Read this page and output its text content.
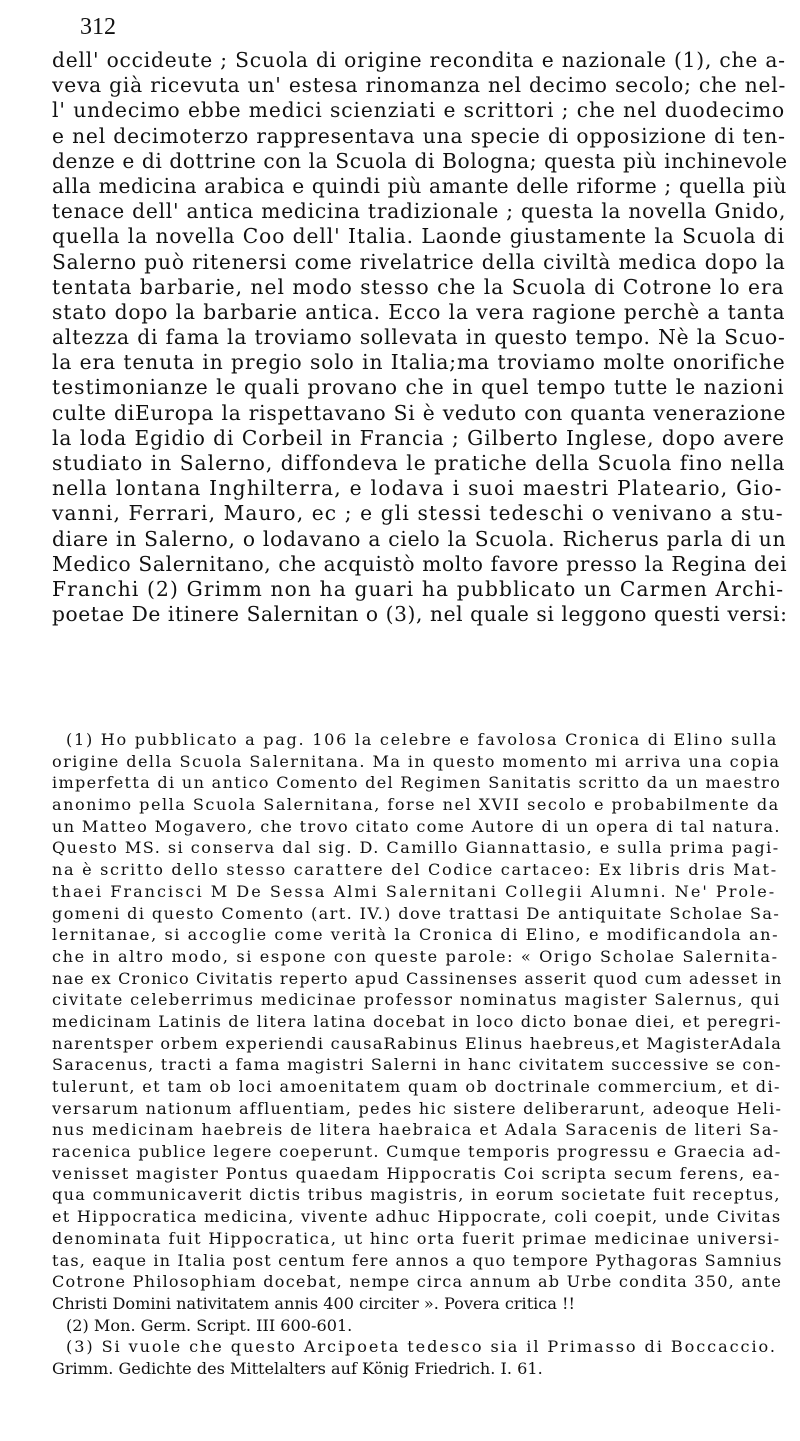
312
dell' occideute ; Scuola di origine recondita e nazionale (1), che a-
veva già ricevuta un' estesa rinomanza nel decimo secolo; che nel-
l' undecimo ebbe medici scienziati e scrittori ; che nel duodecimo
e nel decimoterzo rappresentava una specie di opposizione di ten-
denze e di dottrine con la Scuola di Bologna; questa più inchinevole
alla medicina arabica e quindi più amante delle riforme ; quella più
tenace dell' antica medicina tradizionale ; questa la novella Gnido,
quella la novella Coo dell' Italia. Laonde giustamente la Scuola di
Salerno può ritenersi come rivelatrice della civiltà medica dopo la
tentata barbarie, nel modo stesso che la Scuola di Cotrone lo era
stato dopo la barbarie antica. Ecco la vera ragione perchè a tanta
altezza di fama la troviamo sollevata in questo tempo. Nè la Scuo-
la era tenuta in pregio solo in Italia;ma troviamo molte onorifiche
testimonianze le quali provano che in quel tempo tutte le nazioni
culte diEuropa la rispettavano Si è veduto con quanta venerazione
la loda Egidio di Corbeil in Francia ; Gilberto Inglese, dopo avere
studiato in Salerno, diffondeva le pratiche della Scuola fino nella
nella lontana Inghilterra, e lodava i suoi maestri Plateario, Gio-
vanni, Ferrari, Mauro, ec ; e gli stessi tedeschi o venivano a stu-
diare in Salerno, o lodavano a cielo la Scuola. Richerus parla di un
Medico Salernitano, che acquistò molto favore presso la Regina dei
Franchi (2) Grimm non ha guari ha pubblicato un Carmen Archi-
poetae De itinere Salernitan o (3), nel quale si leggono questi versi:
(1) Ho pubblicato a pag. 106 la celebre e favolosa Cronica di Elino sulla
origine della Scuola Salernitana. Ma in questo momento mi arriva una copia
imperfetta di un antico Comento del Regimen Sanitatis scritto da un maestro
anonimo pella Scuola Salernitana, forse nel XVII secolo e probabilmente da
un Matteo Mogavero, che trovo citato come Autore di un opera di tal natura.
Questo MS. si conserva dal sig. D. Camillo Giannattasio, e sulla prima pagi-
na è scritto dello stesso carattere del Codice cartaceo: Ex libris dris Mat-
thaei Francisci M De Sessa Almi Salernitani Collegii Alumni. Ne' Prole-
gomeni di questo Comento (art. IV.) dove trattasi De antiquitate Scholae Sa-
lernitanae, si accoglie come verità la Cronica di Elino, e modificandola an-
che in altro modo, si espone con queste parole: « Origo Scholae Salernita-
nae ex Cronico Civitatis reperto apud Cassinenses asserit quod cum adesset in
civitate celeberrimus medicinae professor nominatus magister Salernus, qui
medicinam Latinis de litera latina docebat in loco dicto bonae diei, et peregri-
narentsper orbem experiendi causaRabinus Elinus haebreus,et MagisterAdala
Saracenus, tracti a fama magistri Salerni in hanc civitatem successive se con-
tulerunt, et tam ob loci amoenitatem quam ob doctrinale commercium, et di-
versarum nationum affluentiam, pedes hic sistere deliberarunt, adeoque Heli-
nus medicinam haebreis de litera haebraica et Adala Saracenis de literi Sa-
racenica publice legere coeperunt. Cumque temporis progressu e Graecia ad-
venisset magister Pontus quaedam Hippocratis Coi scripta secum ferens, ea-
qua communicaverit dictis tribus magistris, in eorum societate fuit receptus,
et Hippocratica medicina, vivente adhuc Hippocrate, coli coepit, unde Civitas
denominata fuit Hippocratica, ut hinc orta fuerit primae medicinae universi-
tas, eaque in Italia post centum fere annos a quo tempore Pythagoras Samnius
Cotrone Philosophiam docebat, nempe circa annum ab Urbe condita 350, ante
Christi Domini nativitatem annis 400 circiter ». Povera critica !!
(2) Mon. Germ. Script. III 600-601.
(3) Si vuole che questo Arcipoeta tedesco sia il Primasso di Boccaccio.
Grimm. Gedichte des Mittelalters auf König Friedrich. I. 61.
